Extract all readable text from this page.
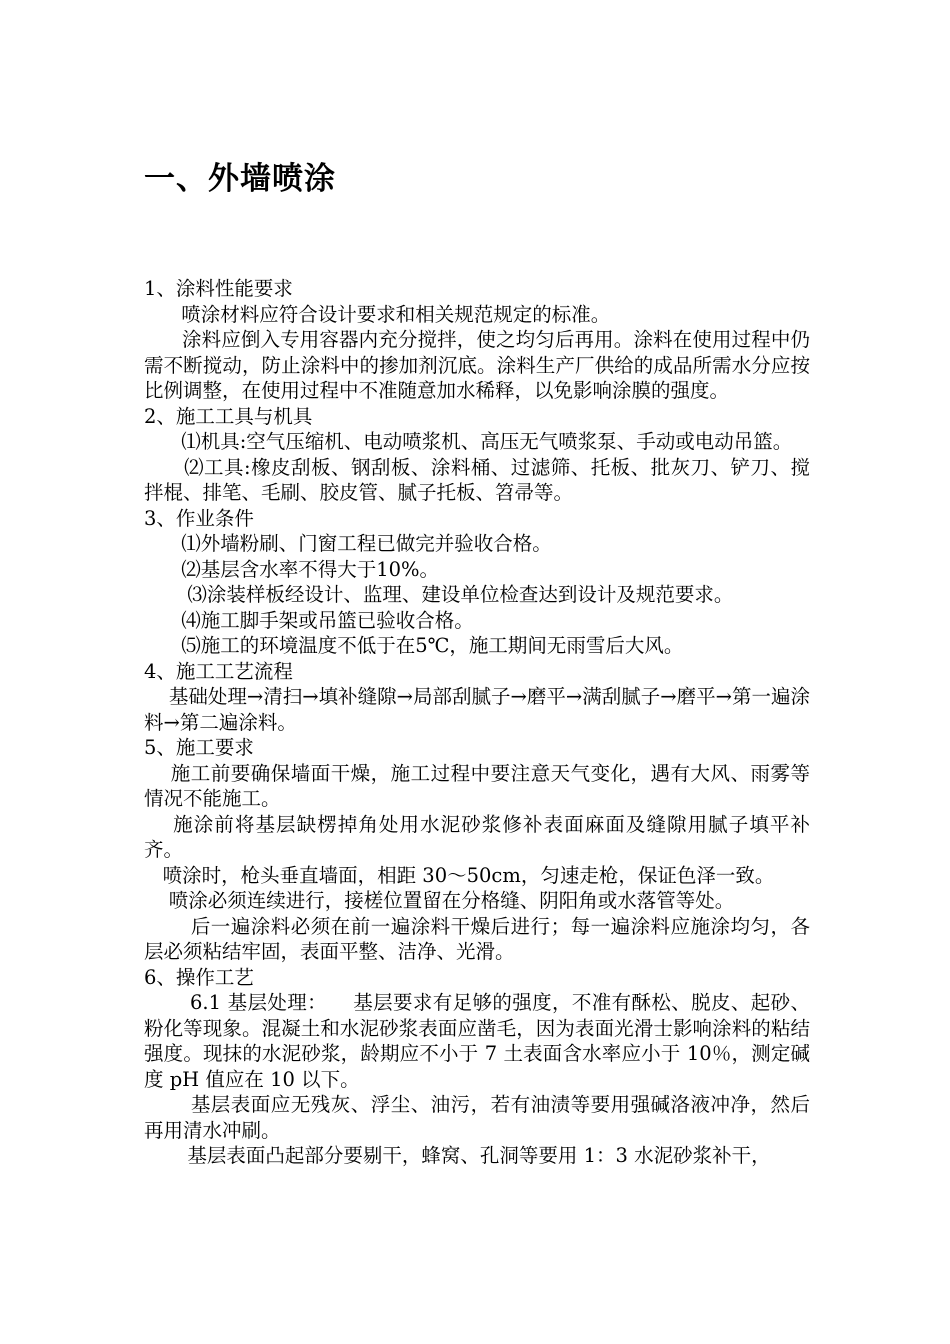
一、外墙喷涂

1、涂料性能要求

喷涂材料应符合设计要求和相关规范规定的标准。

涂料应倒入专用容器内充分搅拌，使之均匀后再用。涂料在使用过程中仍需不断搅动，防止涂料中的掺加剂沉底。涂料生产厂供给的成品所需水分应按比例调整，在使用过程中不准随意加水稀释，以免影响涂膜的强度。

2、施工工具与机具

⑴机具:空气压缩机、电动喷浆机、高压无气喷浆泵、手动或电动吊篮。

⑵工具:橡皮刮板、钢刮板、涂料桶、过滤筛、托板、批灰刀、铲刀、搅拌棍、排笔、毛刷、胶皮管、腻子托板、笤帚等。

3、作业条件

⑴外墙粉刷、门窗工程已做完并验收合格。

⑵基层含水率不得大于10%。

⑶涂装样板经设计、监理、建设单位检查达到设计及规范要求。

⑷施工脚手架或吊篮已验收合格。

⑸施工的环境温度不低于在5℃，施工期间无雨雪后大风。

4、施工工艺流程

基础处理→清扫→填补缝隙→局部刮腻子→磨平→满刮腻子→磨平→第一遍涂料→第二遍涂料。

5、施工要求

施工前要确保墙面干燥，施工过程中要注意天气变化，遇有大风、雨雾等情况不能施工。

施涂前将基层缺楞掉角处用水泥砂浆修补表面麻面及缝隙用腻子填平补齐。

喷涂时，枪头垂直墙面，相距 30～50cm，匀速走枪，保证色泽一致。

喷涂必须连续进行，接槎位置留在分格缝、阴阳角或水落管等处。

后一遍涂料必须在前一遍涂料干燥后进行；每一遍涂料应施涂均匀，各层必须粘结牢固，表面平整、洁净、光滑。

6、操作工艺

6.1 基层处理：    基层要求有足够的强度，不准有酥松、脱皮、起砂、粉化等现象。混凝土和水泥砂浆表面应凿毛，因为表面光滑士影响涂料的粘结强度。现抹的水泥砂浆，龄期应不小于 7 土表面含水率应小于 10％，测定碱度 pH 值应在 10 以下。

基层表面应无残灰、浮尘、油污，若有油渍等要用强碱洛液冲净，然后再用清水冲刷。

基层表面凸起部分要剔干，蜂窝、孔洞等要用 1：3 水泥砂浆补干，
